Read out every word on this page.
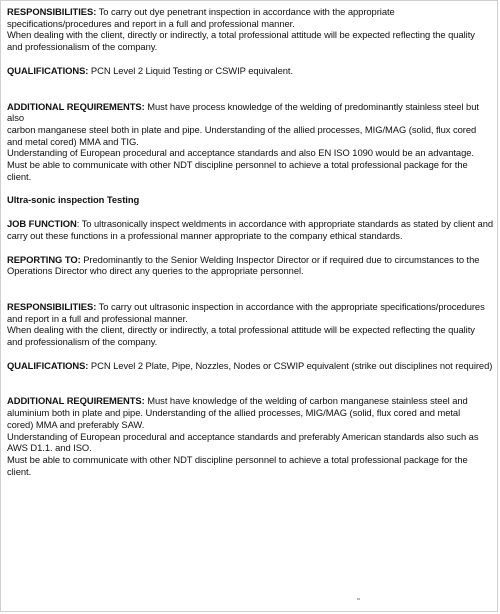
RESPONSIBILITIES: To carry out dye penetrant inspection in accordance with the appropriate
specifications/procedures and report in a full and professional manner.
When dealing with the client, directly or indirectly, a total professional attitude will be expected reflecting the quality
and professionalism of the company.
QUALIFICATIONS: PCN Level 2 Liquid Testing or CSWIP equivalent.
ADDITIONAL REQUIREMENTS: Must have process knowledge of the welding of predominantly stainless steel but also
carbon manganese steel both in plate and pipe. Understanding of the allied processes, MIG/MAG (solid, flux cored
and metal cored) MMA and TIG.
Understanding of European procedural and acceptance standards and also EN ISO 1090 would be an advantage.
Must be able to communicate with other NDT discipline personnel to achieve a total professional package for the
client.
Ultra-sonic inspection Testing
JOB FUNCTION: To ultrasonically inspect weldments in accordance with appropriate standards as stated by client and
carry out these functions in a professional manner appropriate to the company ethical standards.
REPORTING TO: Predominantly to the Senior Welding Inspector Director or if required due to circumstances to the
Operations Director who direct any queries to the appropriate personnel.
RESPONSIBILITIES: To carry out ultrasonic inspection in accordance with the appropriate specifications/procedures
and report in a full and professional manner.
When dealing with the client, directly or indirectly, a total professional attitude will be expected reflecting the quality
and professionalism of the company.
QUALIFICATIONS: PCN Level 2 Plate, Pipe, Nozzles, Nodes or CSWIP equivalent (strike out disciplines not required)
ADDITIONAL REQUIREMENTS: Must have knowledge of the welding of carbon manganese stainless steel and
aluminium both in plate and pipe. Understanding of the allied processes, MIG/MAG (solid, flux cored and metal
cored) MMA and preferably SAW.
Understanding of European procedural and acceptance standards and preferably American standards also such as
AWS D1.1. and ISO.
Must be able to communicate with other NDT discipline personnel to achieve a total professional package for the
client.
